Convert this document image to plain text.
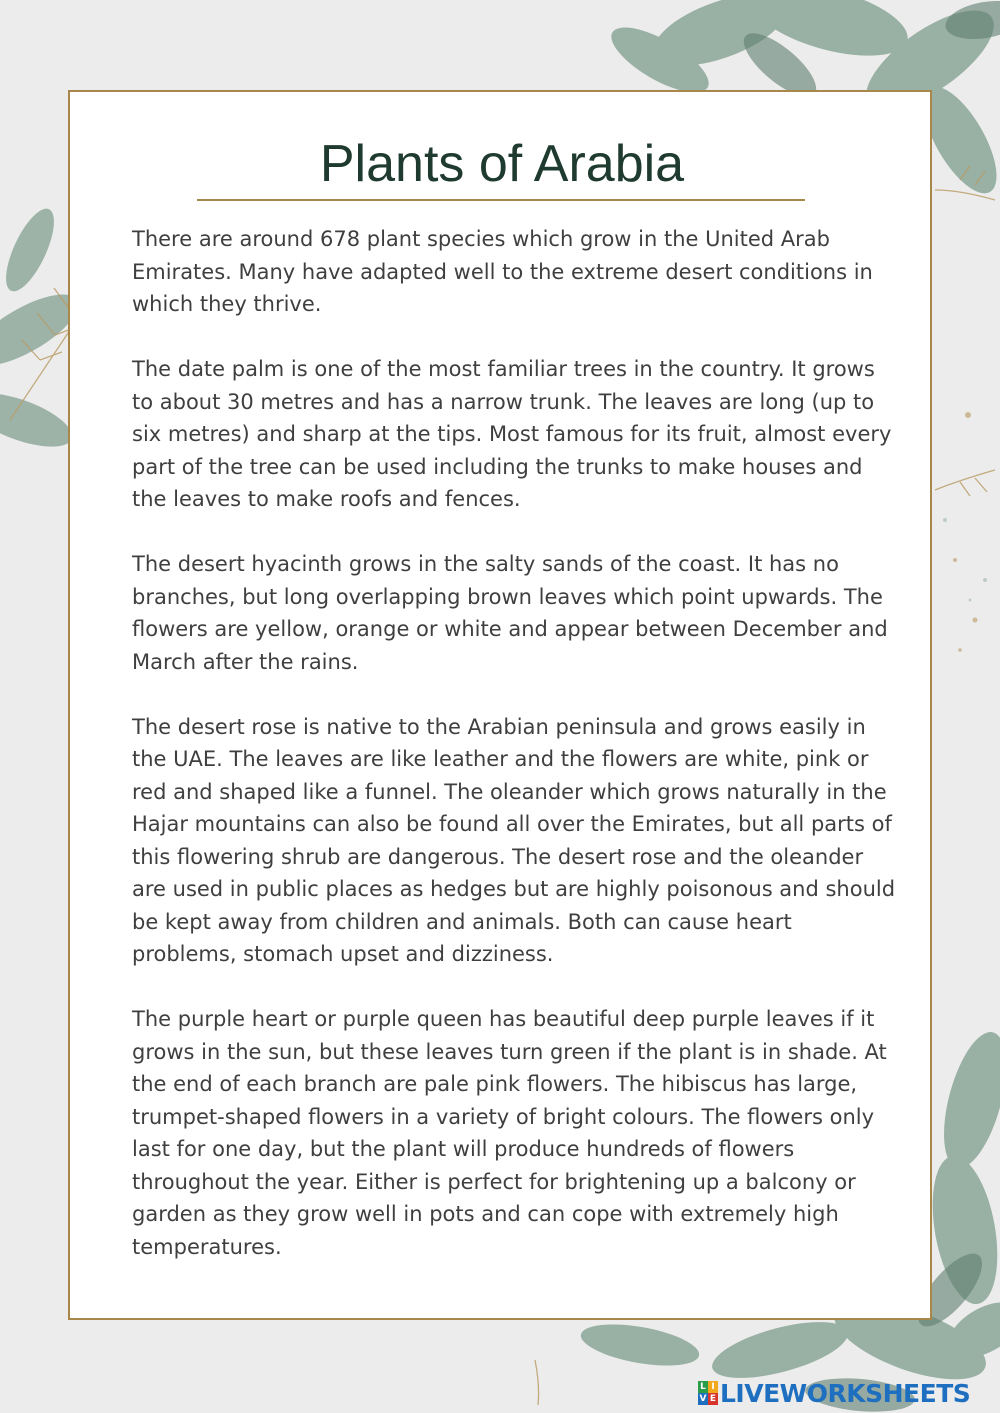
Plants of Arabia

There are around 678 plant species which grow in the United Arab Emirates. Many have adapted well to the extreme desert conditions in which they thrive.

The date palm is one of the most familiar trees in the country. It grows to about 30 metres and has a narrow trunk. The leaves are long (up to six metres) and sharp at the tips. Most famous for its fruit, almost every part of the tree can be used including the trunks to make houses and the leaves to make roofs and fences.

The desert hyacinth grows in the salty sands of the coast. It has no branches, but long overlapping brown leaves which point upwards. The flowers are yellow, orange or white and appear between December and March after the rains.

The desert rose is native to the Arabian peninsula and grows easily in the UAE. The leaves are like leather and the flowers are white, pink or red and shaped like a funnel. The oleander which grows naturally in the Hajar mountains can also be found all over the Emirates, but all parts of this flowering shrub are dangerous. The desert rose and the oleander are used in public places as hedges but are highly poisonous and should be kept away from children and animals. Both can cause heart problems, stomach upset and dizziness.

The purple heart or purple queen has beautiful deep purple leaves if it grows in the sun, but these leaves turn green if the plant is in shade. At the end of each branch are pale pink flowers. The hibiscus has large, trumpet-shaped flowers in a variety of bright colours. The flowers only last for one day, but the plant will produce hundreds of flowers throughout the year. Either is perfect for brightening up a balcony or garden as they grow well in pots and can cope with extremely high temperatures.

L I
V E LIVEWORKSHEETS
